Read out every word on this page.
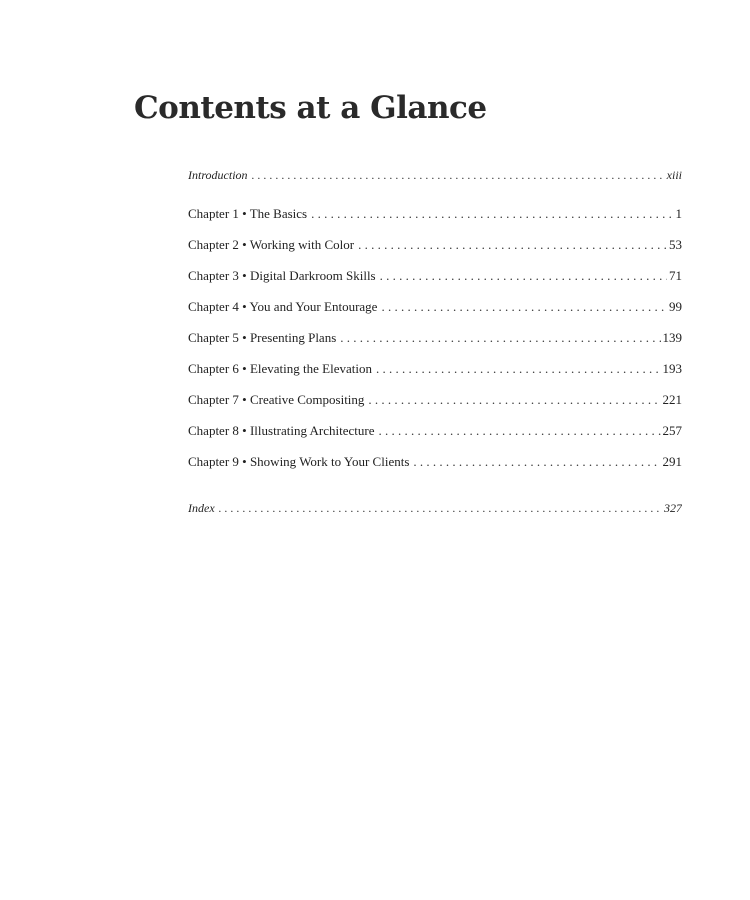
Contents at a Glance
Introduction . . .	xiii
Chapter 1 • The Basics . . .	1
Chapter 2 • Working with Color . . .	53
Chapter 3 • Digital Darkroom Skills . . .	71
Chapter 4 • You and Your Entourage . . .	99
Chapter 5 • Presenting Plans . . .	139
Chapter 6 • Elevating the Elevation . . .	193
Chapter 7 • Creative Compositing . . .	221
Chapter 8 • Illustrating Architecture . . .	257
Chapter 9 • Showing Work to Your Clients . . .	291
Index . . .	327
